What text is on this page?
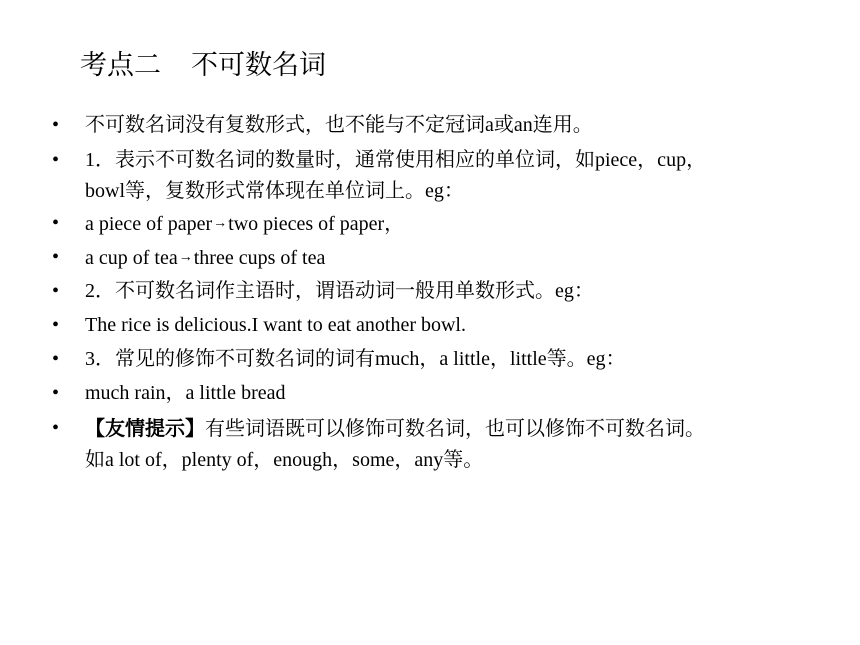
考点二 不可数名词
• 不可数名词没有复数形式，也不能与不定冠词a或an连用。
• 1．表示不可数名词的数量时，通常使用相应的单位词，如piece，cup，
bowl等，复数形式常体现在单位词上。eg：
• a piece of paper→two pieces of paper，
• a cup of tea→three cups of tea
• 2．不可数名词作主语时，谓语动词一般用单数形式。eg：
• The rice is delicious.I want to eat another bowl.
• 3．常见的修饰不可数名词的词有much，a little，little等。eg：
• much rain，a little bread
• 【友情提示】有些词语既可以修饰可数名词，也可以修饰不可数名词。
如a lot of，plenty of，enough，some，any等。
